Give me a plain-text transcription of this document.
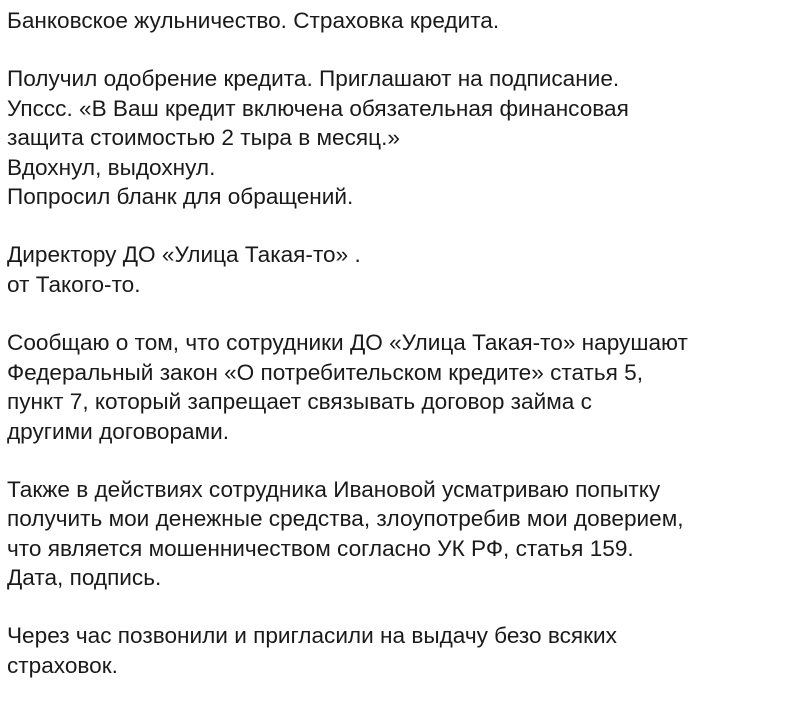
Банковское жульничество. Страховка кредита.
Получил одобрение кредита. Приглашают на подписание.
Упссс. «В Ваш кредит включена обязательная финансовая
защита стоимостью 2 тыра в месяц.»
Вдохнул, выдохнул.
Попросил бланк для обращений.
Директору ДО «Улица Такая-то» .
от Такого-то.
Сообщаю о том, что сотрудники ДО «Улица Такая-то» нарушают
Федеральный закон «О потребительском кредите» статья 5,
пункт 7, который запрещает связывать договор займа с
другими договорами.
Также в действиях сотрудника Ивановой усматриваю попытку
получить мои денежные средства, злоупотребив мои доверием,
что является мошенничеством согласно УК РФ, статья 159.
Дата, подпись.
Через час позвонили и пригласили на выдачу безо всяких
страховок.
